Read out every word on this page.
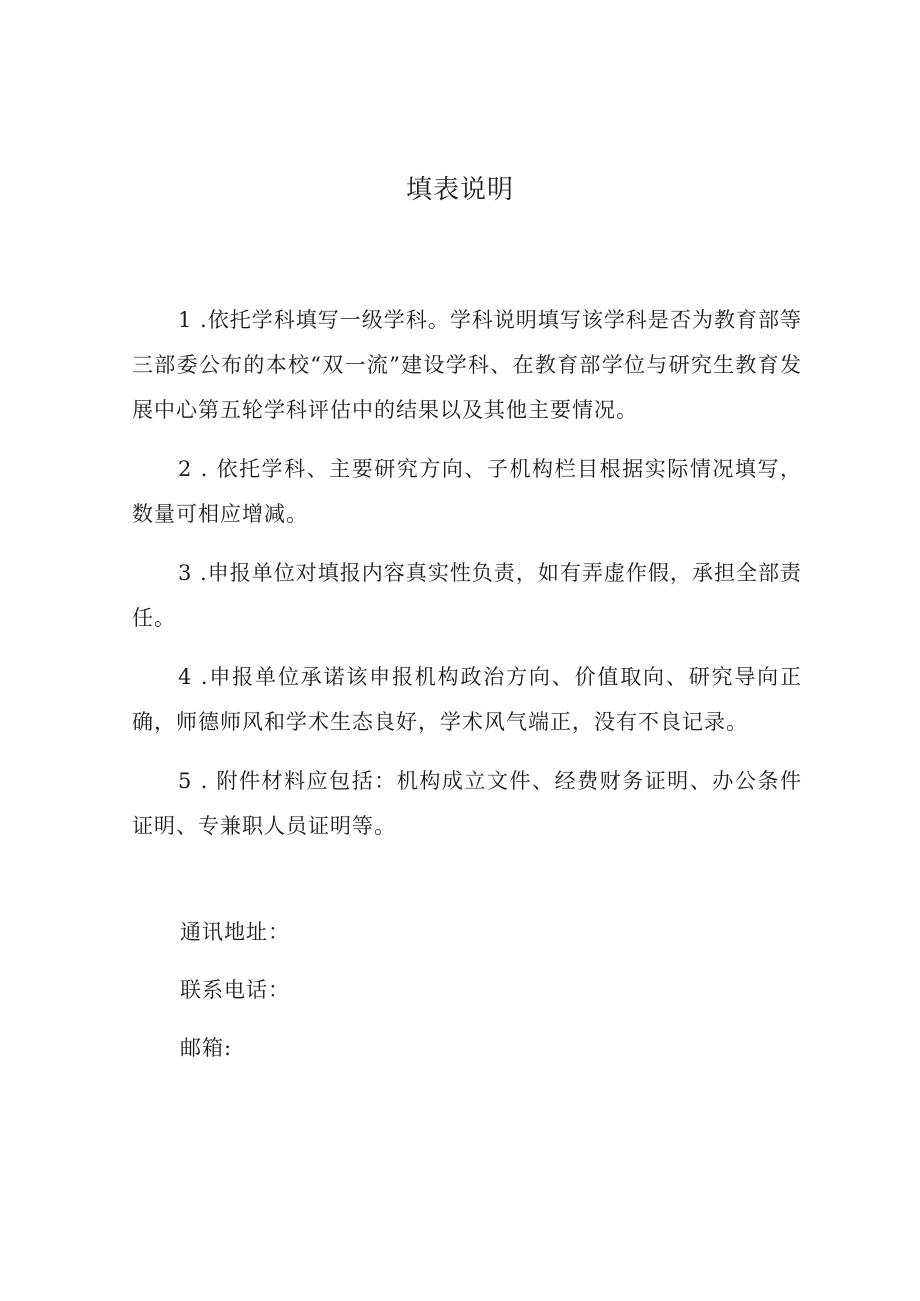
填表说明

1 .依托学科填写一级学科。学科说明填写该学科是否为教育部等三部委公布的本校“双一流”建设学科、在教育部学位与研究生教育发展中心第五轮学科评估中的结果以及其他主要情况。

2 . 依托学科、主要研究方向、子机构栏目根据实际情况填写，数量可相应增减。

3 .申报单位对填报内容真实性负责，如有弄虚作假，承担全部责任。

4 .申报单位承诺该申报机构政治方向、价值取向、研究导向正确，师德师风和学术生态良好，学术风气端正，没有不良记录。

5 . 附件材料应包括：机构成立文件、经费财务证明、办公条件证明、专兼职人员证明等。

通讯地址：
联系电话：
邮箱:
